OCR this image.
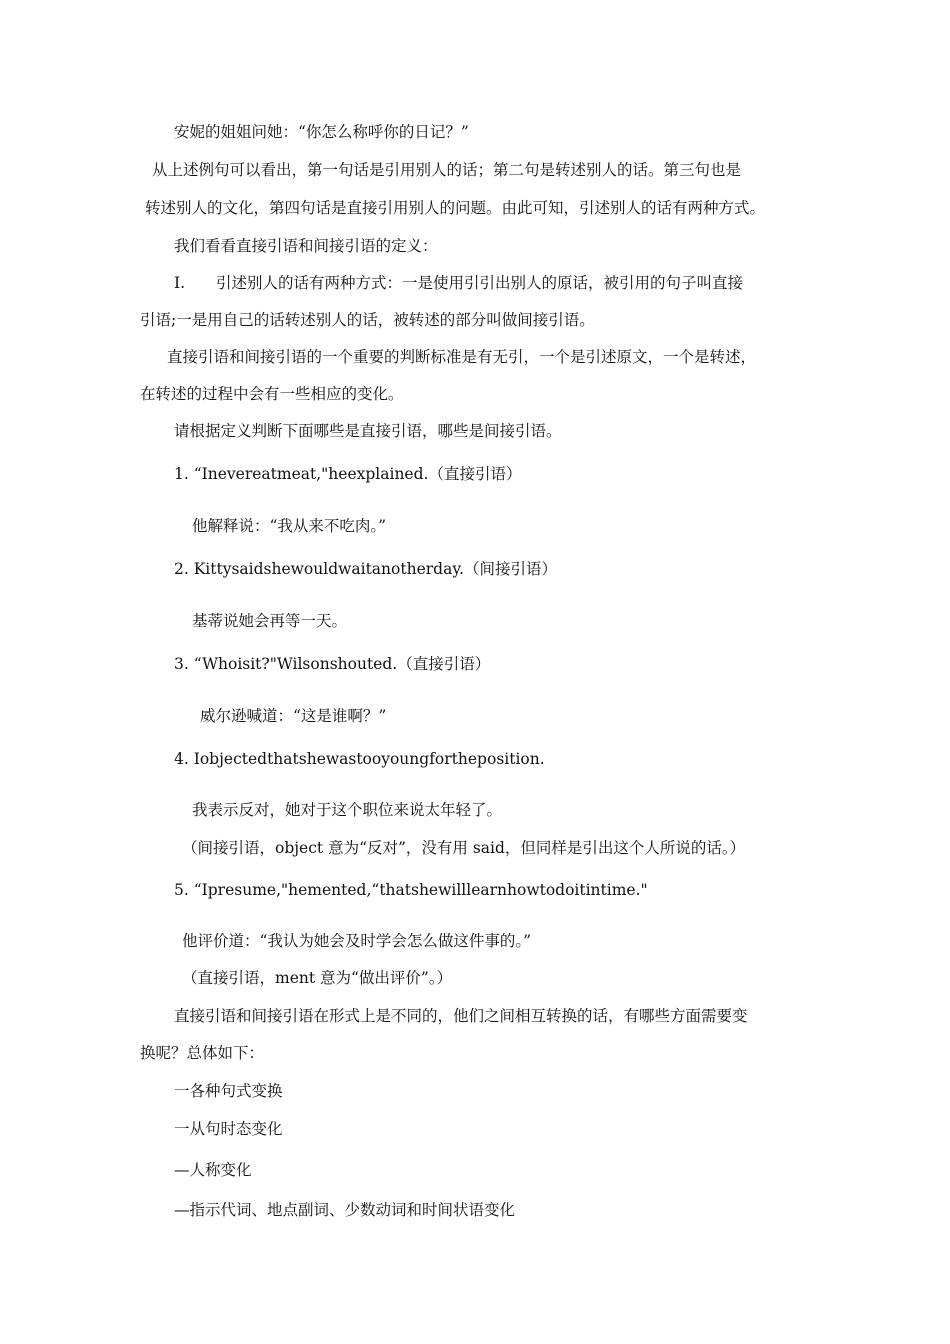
安妮的姐姐问她：“你怎么称呼你的日记？”
从上述例句可以看出，第一句话是引用别人的话；第二句是转述别人的话。第三句也是
转述别人的文化，第四句话是直接引用别人的问题。由此可知，引述别人的话有两种方式。
我们看看直接引语和间接引语的定义：
I. 引述别人的话有两种方式：一是使用引引出别人的原话，被引用的句子叫直接
引语;一是用自己的话转述别人的话，被转述的部分叫做间接引语。
直接引语和间接引语的一个重要的判断标准是有无引，一个是引述原文，一个是转述，
在转述的过程中会有一些相应的变化。
请根据定义判断下面哪些是直接引语，哪些是间接引语。
1. “Ineverеatmeat,"heexplained.（直接引语）
他解释说：“我从来不吃肉。”
2. Kittysaidshewouldwaitanotherday.（间接引语）
基蒂说她会再等一天。
3. “Whoisit?"Wilsonshouted.（直接引语）
威尔逊喊道：“这是谁啊？”
4. Iobjectedthatshewastooyoungfortheposition.
我表示反对，她对于这个职位来说太年轻了。
（间接引语，object 意为“反对”，没有用 said，但同样是引出这个人所说的话。）
5. “Ipresume,"hemented,“thatshewilllearnhowtodoitintime."
他评价道：“我认为她会及时学会怎么做这件事的。”
（直接引语，ment 意为“做出评价”。）
直接引语和间接引语在形式上是不同的，他们之间相互转换的话，有哪些方面需要变
换呢？总体如下：
一各种句式变换
一从句时态变化
—人称变化
—指示代词、地点副词、少数动词和时间状语变化
